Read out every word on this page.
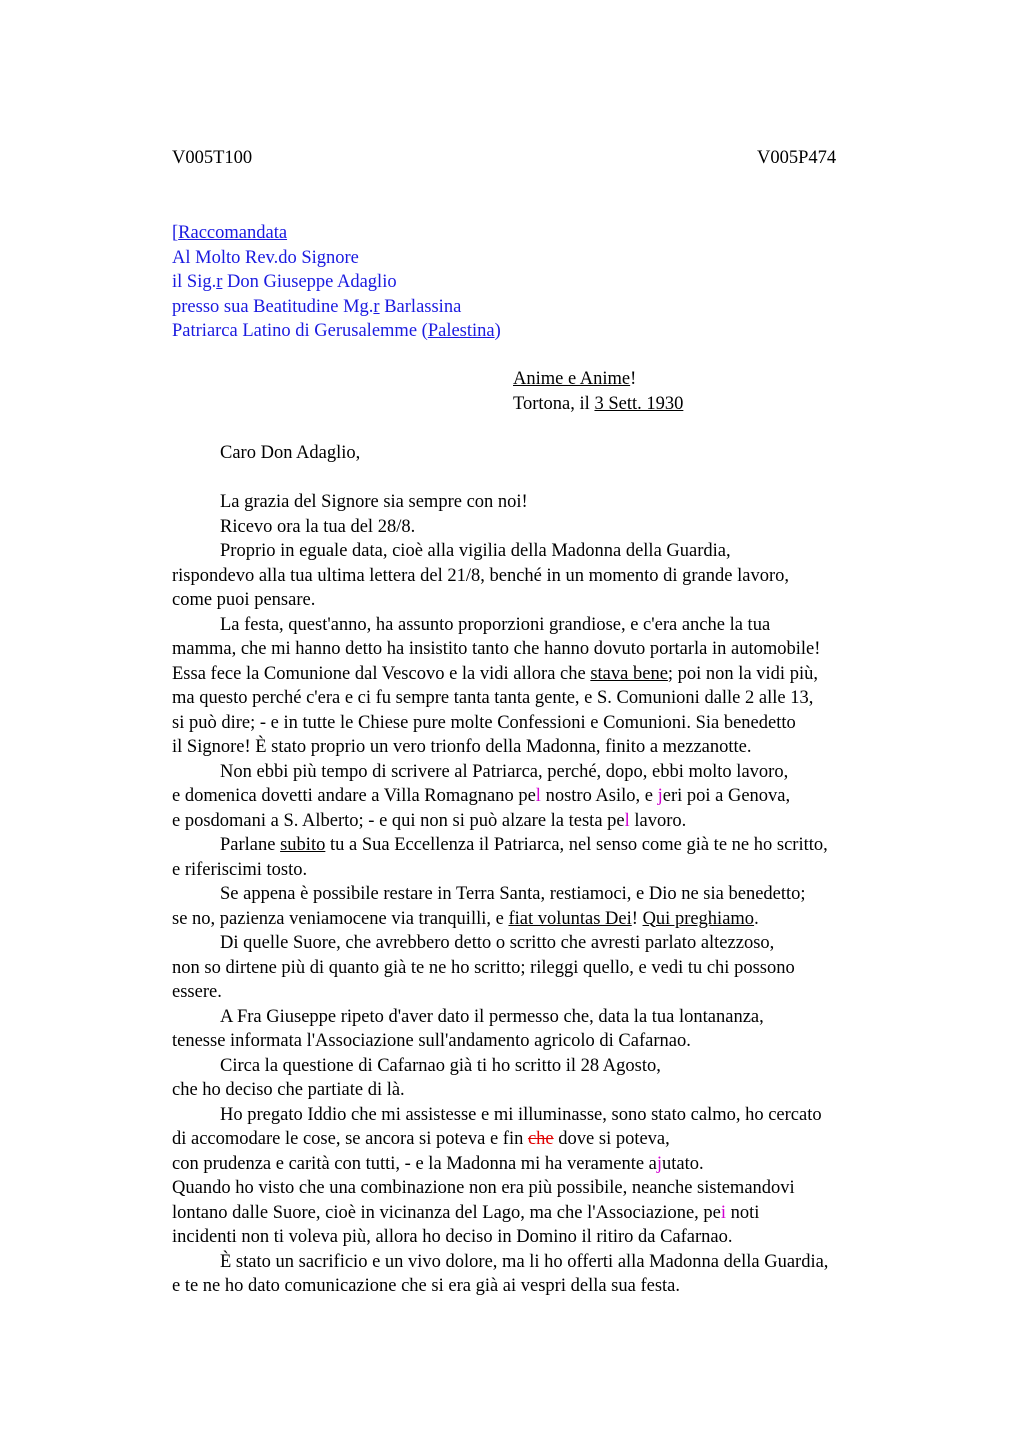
V005T100	V005P474
[Raccomandata
Al Molto Rev.do Signore
il Sig.r Don Giuseppe Adaglio
presso sua Beatitudine Mg.r Barlassina
Patriarca Latino di Gerusalemme (Palestina)
Anime e Anime!
Tortona, il 3 Sett. 1930
Caro Don Adaglio,
La grazia del Signore sia sempre con noi!
Ricevo ora la tua del 28/8.
Proprio in eguale data, cioè alla vigilia della Madonna della Guardia,
rispondevo alla tua ultima lettera del 21/8, benché in un momento di grande lavoro,
come puoi pensare.
La festa, quest'anno, ha assunto proporzioni grandiose, e c'era anche la tua
mamma, che mi hanno detto ha insistito tanto che hanno dovuto portarla in automobile!
Essa fece la Comunione dal Vescovo e la vidi allora che stava bene; poi non la vidi più,
ma questo perché c'era e ci fu sempre tanta tanta gente, e S. Comunioni dalle 2 alle 13,
si può dire; - e in tutte le Chiese pure molte Confessioni e Comunioni. Sia benedetto
il Signore! È stato proprio un vero trionfo della Madonna, finito a mezzanotte.
Non ebbi più tempo di scrivere al Patriarca, perché, dopo, ebbi molto lavoro,
e domenica dovetti andare a Villa Romagnano pel nostro Asilo, e jeri poi a Genova,
e posdomani a S. Alberto; - e qui non si può alzare la testa pel lavoro.
Parlane subito tu a Sua Eccellenza il Patriarca, nel senso come già te ne ho scritto,
e riferiscimi tosto.
Se appena è possibile restare in Terra Santa, restiamoci, e Dio ne sia benedetto;
se no, pazienza veniamocene via tranquilli, e fiat voluntas Dei! Qui preghiamo.
Di quelle Suore, che avrebbero detto o scritto che avresti parlato altezzoso,
non so dirtene più di quanto già te ne ho scritto; rileggi quello, e vedi tu chi possono
essere.
A Fra Giuseppe ripeto d'aver dato il permesso che, data la tua lontananza,
tenesse informata l'Associazione sull'andamento agricolo di Cafarnao.
Circa la questione di Cafarnao già ti ho scritto il 28 Agosto,
che ho deciso che partiate di là.
Ho pregato Iddio che mi assistesse e mi illuminasse, sono stato calmo, ho cercato
di accomodare le cose, se ancora si poteva e fin che dove si poteva,
con prudenza e carità con tutti, - e la Madonna mi ha veramente ajutato.
Quando ho visto che una combinazione non era più possibile, neanche sistemandovi
lontano dalle Suore, cioè in vicinanza del Lago, ma che l'Associazione, pei noti
incidenti non ti voleva più, allora ho deciso in Domino il ritiro da Cafarnao.
È stato un sacrificio e un vivo dolore, ma li ho offerti alla Madonna della Guardia,
e te ne ho dato comunicazione che si era già ai vespri della sua festa.
